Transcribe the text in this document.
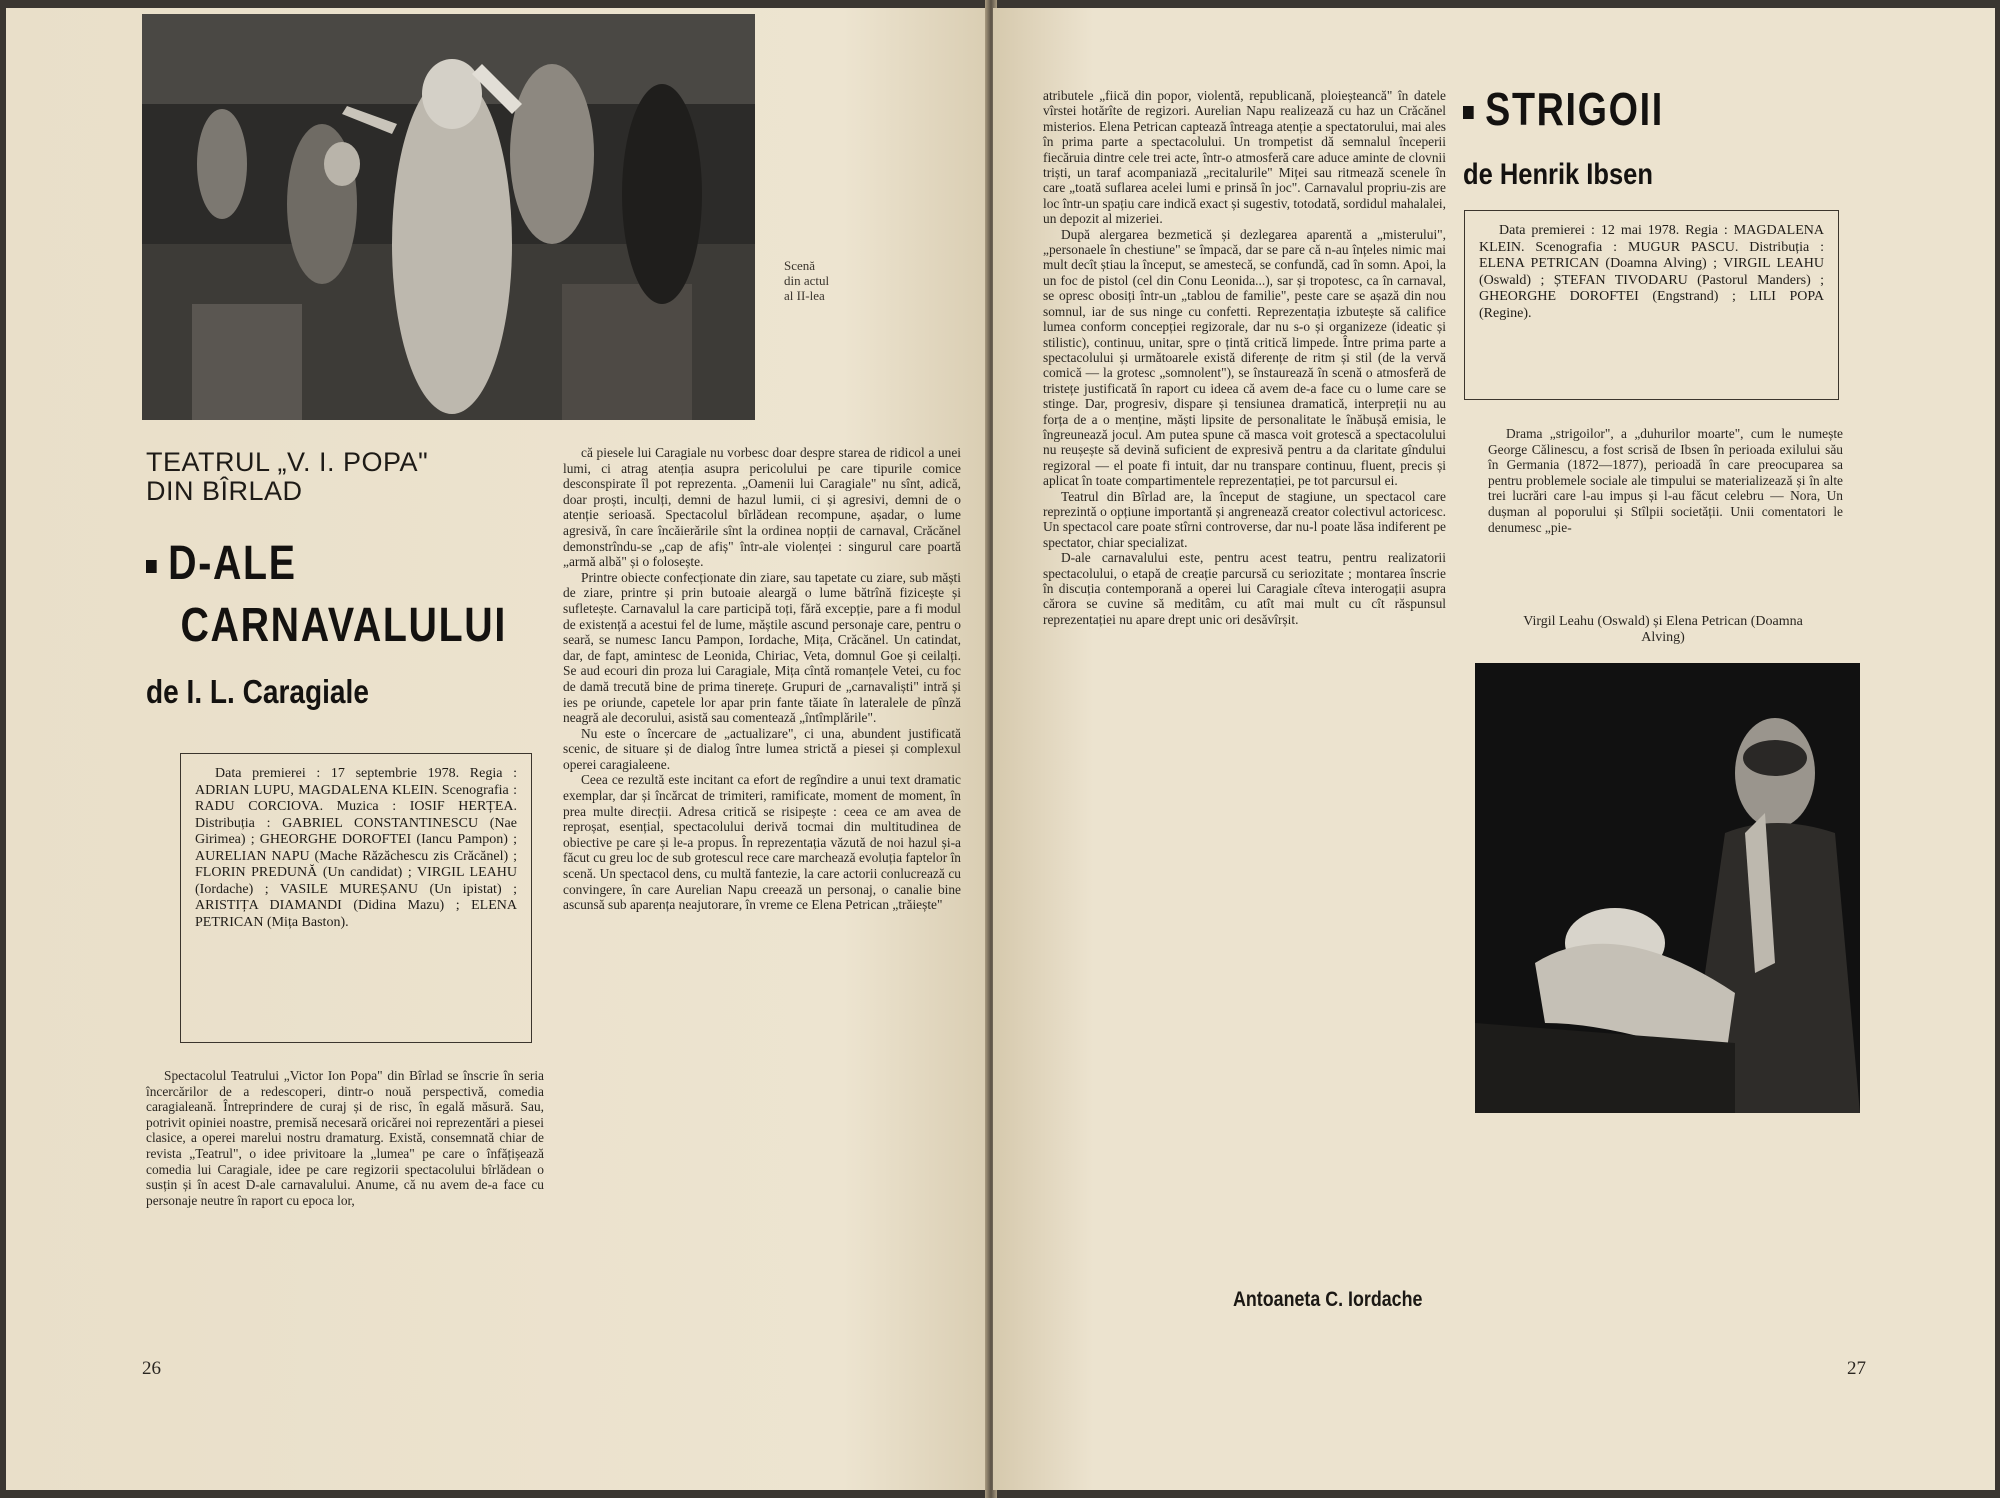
Scenă
din actul
al II-lea
TEATRUL „V. I. POPA"
DIN BÎRLAD
D-ALE
CARNAVALULUI
de I. L. Caragiale

Data premierei : 17 septembrie 1978. Regia : ADRIAN LUPU, MAGDALENA KLEIN. Scenografia : RADU CORCIOVA. Muzica : IOSIF HERȚEA. Distribuția : GABRIEL CONSTANTINESCU (Nae Girimea) ; GHEORGHE DOROFTEI (Iancu Pampon) ; AURELIAN NAPU (Mache Răzăchescu zis Crăcănel) ; FLORIN PREDUNĂ (Un candidat) ; VIRGIL LEAHU (Iordache) ; VASILE MUREȘANU (Un ipistat) ; ARISTIȚA DIAMANDI (Didina Mazu) ; ELENA PETRICAN (Mița Baston).

Spectacolul Teatrului „Victor Ion Popa" din Bîrlad se înscrie în seria încercărilor de a redescoperi, dintr-o nouă perspectivă, comedia caragialeană. Întreprindere de curaj și de risc, în egală măsură. Sau, potrivit opiniei noastre, premisă necesară oricărei noi reprezentări a piesei clasice, a operei marelui nostru dramaturg. Există, consemnată chiar de revista „Teatrul", o idee privitoare la „lumea" pe care o înfățișează comedia lui Caragiale, idee pe care regizorii spectacolului bîrlădean o susțin și în acest D-ale carnavalului. Anume, că nu avem de-a face cu personaje neutre în raport cu epoca lor,

că piesele lui Caragiale nu vorbesc doar despre starea de ridicol a unei lumi, ci atrag atenția asupra pericolului pe care tipurile comice desconspirate îl pot reprezenta. „Oamenii lui Caragiale" nu sînt, adică, doar proști, inculți, demni de hazul lumii, ci și agresivi, demni de o atenție serioasă. Spectacolul bîrlădean recompune, așadar, o lume agresivă, în care încăierările sînt la ordinea nopții de carnaval, Crăcănel demonstrîndu-se „cap de afiș" într-ale violenței : singurul care poartă „armă albă" și o folosește.

Printre obiecte confecționate din ziare, sau tapetate cu ziare, sub măști de ziare, printre și prin butoaie aleargă o lume bătrînă fizicește și sufletește. Carnavalul la care participă toți, fără excepție, pare a fi modul de existență a acestui fel de lume, măștile ascund personaje care, pentru o seară, se numesc Iancu Pampon, Iordache, Mița, Crăcănel. Un catindat, dar, de fapt, amintesc de Leonida, Chiriac, Veta, domnul Goe și ceilalți. Se aud ecouri din proza lui Caragiale, Mița cîntă romanțele Vetei, cu foc de damă trecută bine de prima tinerețe. Grupuri de „carnavaliști" intră și ies pe oriunde, capetele lor apar prin fante tăiate în lateralele de pînză neagră ale decorului, asistă sau comentează „întîmplările".

Nu este o încercare de „actualizare", ci una, abundent justificată scenic, de situare și de dialog între lumea strictă a piesei și complexul operei caragialeene.

Ceea ce rezultă este incitant ca efort de regîndire a unui text dramatic exemplar, dar și încărcat de trimiteri, ramificate, moment de moment, în prea multe direcții. Adresa critică se risipește : ceea ce am avea de reproșat, esențial, spectacolului derivă tocmai din multitudinea de obiective pe care și le-a propus. În reprezentația văzută de noi hazul și-a făcut cu greu loc de sub grotescul rece care marchează evoluția faptelor în scenă. Un spectacol dens, cu multă fantezie, la care actorii conlucrează cu convingere, în care Aurelian Napu creează un personaj, o canalie bine ascunsă sub aparența neajutorare, în vreme ce Elena Petrican „trăiește"

26

atributele „fiică din popor, violentă, republicană, ploieșteancă" în datele vîrstei hotărîte de regizori. Aurelian Napu realizează cu haz un Crăcănel misterios. Elena Petrican captează întreaga atenție a spectatorului, mai ales în prima parte a spectacolului. Un trompetist dă semnalul începerii fiecăruia dintre cele trei acte, într-o atmosferă care aduce aminte de clovnii triști, un taraf acompaniază „recitalurile" Miței sau ritmează scenele în care „toată suflarea acelei lumi e prinsă în joc". Carnavalul propriu-zis are loc într-un spațiu care indică exact și sugestiv, totodată, sordidul mahalalei, un depozit al mizeriei.

După alergarea bezmetică și dezlegarea aparentă a „misterului", „personaele în chestiune" se împacă, dar se pare că n-au înțeles nimic mai mult decît știau la început, se amestecă, se confundă, cad în somn. Apoi, la un foc de pistol (cel din Conu Leonida...), sar și tropotesc, ca în carnaval, se opresc obosiți într-un „tablou de familie", peste care se așază din nou somnul, iar de sus ninge cu confetti. Reprezentația izbutește să califice lumea conform concepției regizorale, dar nu s-o și organizeze (ideatic și stilistic), continuu, unitar, spre o țintă critică limpede. Între prima parte a spectacolului și următoarele există diferențe de ritm și stil (de la vervă comică — la grotesc „somnolent"), se înstaurează în scenă o atmosferă de tristețe justificată în raport cu ideea că avem de-a face cu o lume care se stinge. Dar, progresiv, dispare și tensiunea dramatică, interpreții nu au forța de a o menține, măști lipsite de personalitate le înăbușă emisia, le îngreunează jocul. Am putea spune că masca voit grotescă a spectacolului nu reușește să devină suficient de expresivă pentru a da claritate gîndului regizoral — el poate fi intuit, dar nu transpare continuu, fluent, precis și aplicat în toate compartimentele reprezentației, pe tot parcursul ei.

Teatrul din Bîrlad are, la început de stagiune, un spectacol care reprezintă o opțiune importantă și angrenează creator colectivul actoricesc. Un spectacol care poate stîrni controverse, dar nu-l poate lăsa indiferent pe spectator, chiar specializat.

D-ale carnavalului este, pentru acest teatru, pentru realizatorii spectacolului, o etapă de creație parcursă cu seriozitate ; montarea înscrie în discuția contemporană a operei lui Caragiale cîteva interogații asupra cărora se cuvine să meditâm, cu atît mai mult cu cît răspunsul reprezentației nu apare drept unic ori desăvîrșit.

Antoaneta C. Iordache
STRIGOII
de Henrik Ibsen

Data premierei : 12 mai 1978. Regia : MAGDALENA KLEIN. Scenografia : MUGUR PASCU. Distribuția : ELENA PETRICAN (Doamna Alving) ; VIRGIL LEAHU (Oswald) ; ȘTEFAN TIVODARU (Pastorul Manders) ; GHEORGHE DOROFTEI (Engstrand) ; LILI POPA (Regine).

Drama „strigoilor", a „duhurilor moarte", cum le numește George Călinescu, a fost scrisă de Ibsen în perioada exilului său în Germania (1872—1877), perioadă în care preocuparea sa pentru problemele sociale ale timpului se materializează și în alte trei lucrări care l-au impus și l-au făcut celebru — Nora, Un dușman al poporului și Stîlpii societății. Unii comentatori le denumesc „pie-

Virgil Leahu (Oswald) și Elena Petrican (Doamna Alving)
27
